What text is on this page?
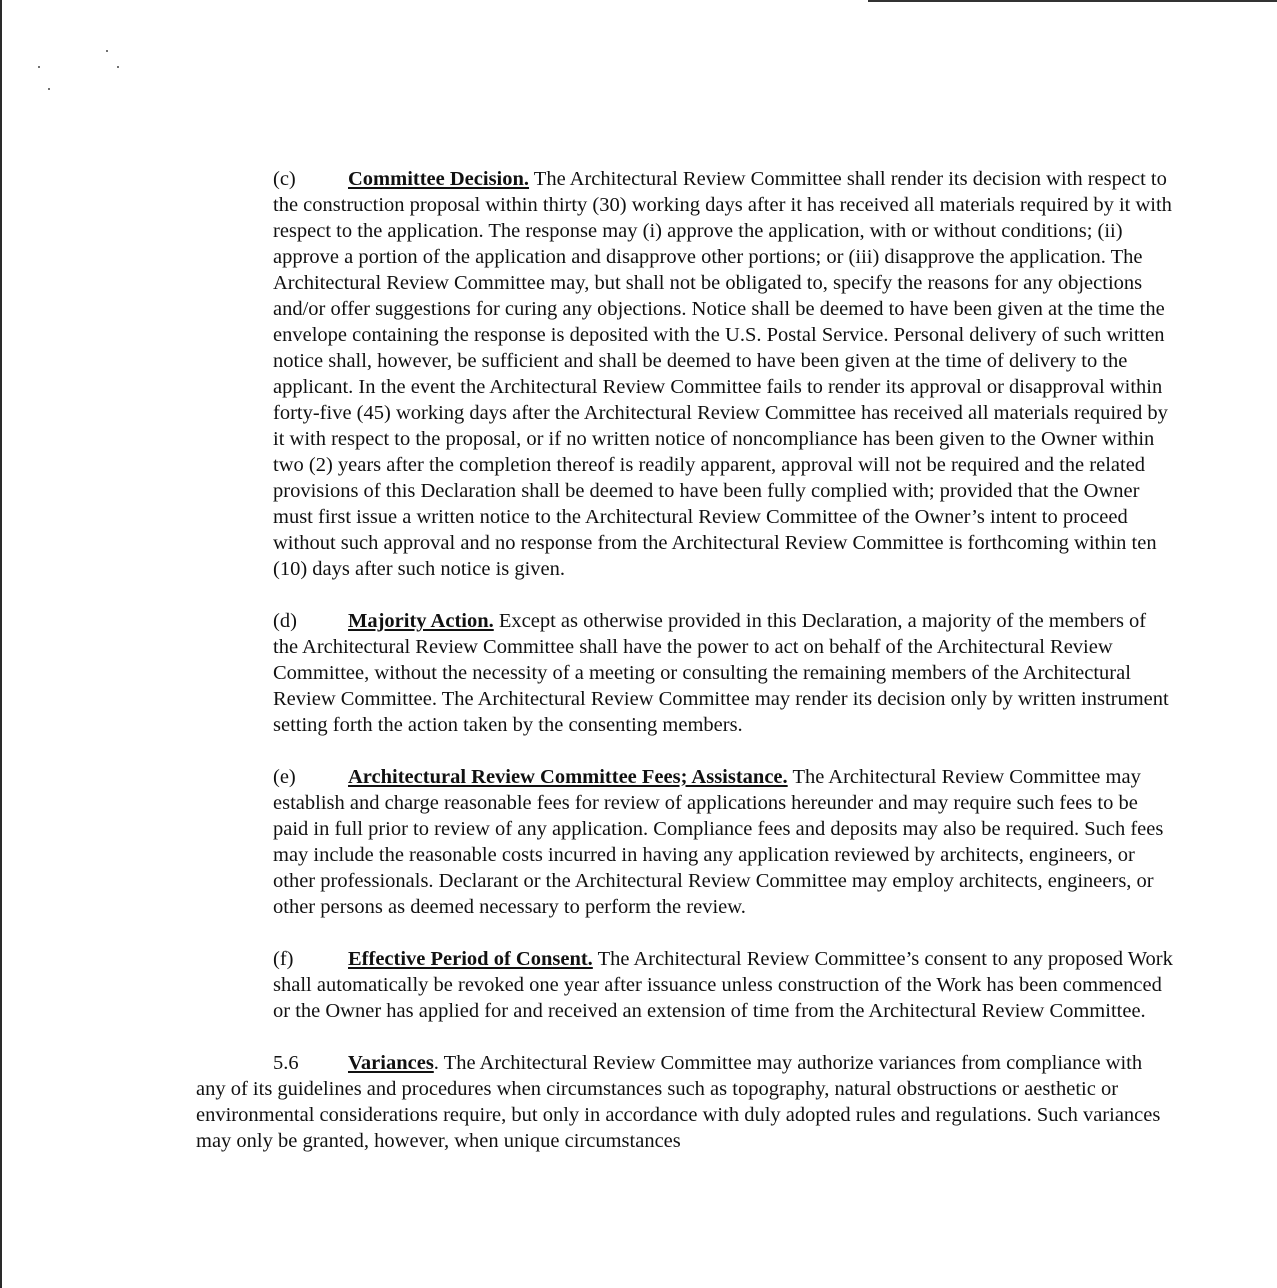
(c)	Committee Decision. The Architectural Review Committee shall render its decision with respect to the construction proposal within thirty (30) working days after it has received all materials required by it with respect to the application. The response may (i) approve the application, with or without conditions; (ii) approve a portion of the application and disapprove other portions; or (iii) disapprove the application. The Architectural Review Committee may, but shall not be obligated to, specify the reasons for any objections and/or offer suggestions for curing any objections. Notice shall be deemed to have been given at the time the envelope containing the response is deposited with the U.S. Postal Service. Personal delivery of such written notice shall, however, be sufficient and shall be deemed to have been given at the time of delivery to the applicant. In the event the Architectural Review Committee fails to render its approval or disapproval within forty-five (45) working days after the Architectural Review Committee has received all materials required by it with respect to the proposal, or if no written notice of noncompliance has been given to the Owner within two (2) years after the completion thereof is readily apparent, approval will not be required and the related provisions of this Declaration shall be deemed to have been fully complied with; provided that the Owner must first issue a written notice to the Architectural Review Committee of the Owner’s intent to proceed without such approval and no response from the Architectural Review Committee is forthcoming within ten (10) days after such notice is given.

(d) Majority Action. Except as otherwise provided in this Declaration, a majority of the members of the Architectural Review Committee shall have the power to act on behalf of the Architectural Review Committee, without the necessity of a meeting or consulting the remaining members of the Architectural Review Committee. The Architectural Review Committee may render its decision only by written instrument setting forth the action taken by the consenting members.

(e)	Architectural Review Committee Fees; Assistance. The Architectural Review Committee may establish and charge reasonable fees for review of applications hereunder and may require such fees to be paid in full prior to review of any application. Compliance fees and deposits may also be required. Such fees may include the reasonable costs incurred in having any application reviewed by architects, engineers, or other professionals. Declarant or the Architectural Review Committee may employ architects, engineers, or other persons as deemed necessary to perform the review.

(f)	Effective Period of Consent. The Architectural Review Committee’s consent to any proposed Work shall automatically be revoked one year after issuance unless construction of the Work has been commenced or the Owner has applied for and received an extension of time from the Architectural Review Committee.

5.6 Variances. The Architectural Review Committee may authorize variances from compliance with any of its guidelines and procedures when circumstances such as topography, natural obstructions or aesthetic or environmental considerations require, but only in accordance with duly adopted rules and regulations. Such variances may only be granted, however, when unique circumstances
